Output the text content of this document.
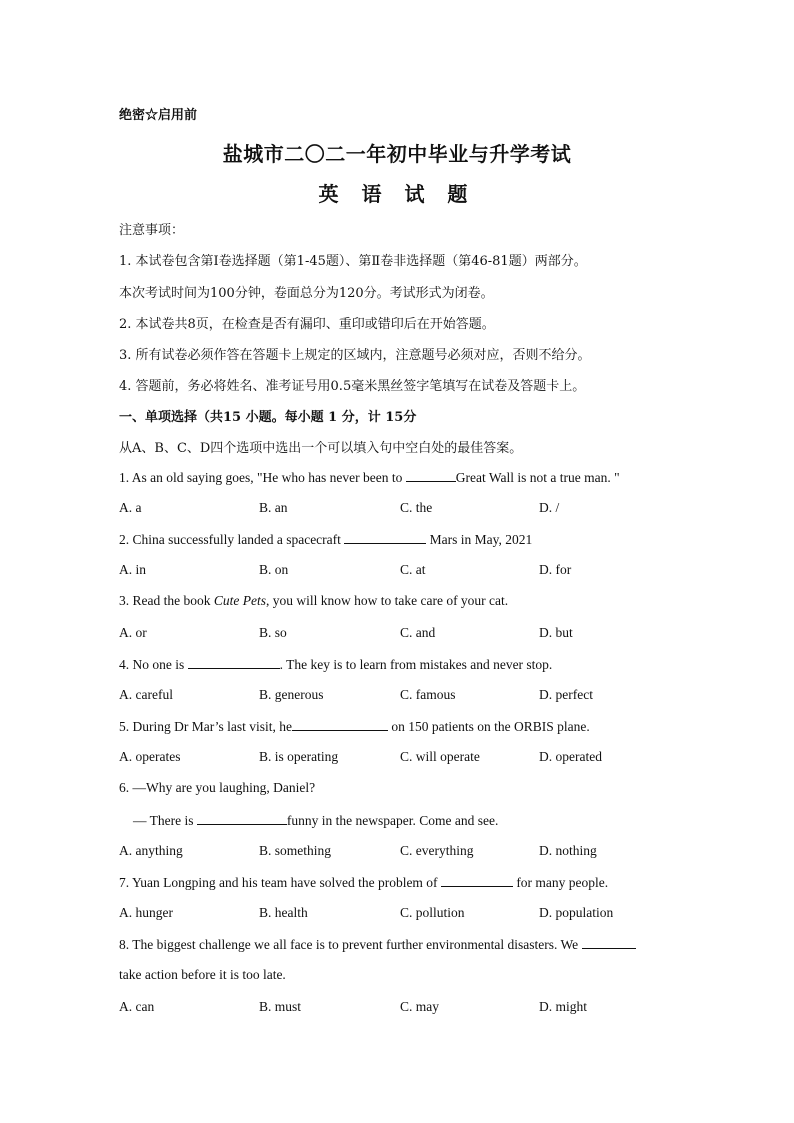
绝密☆启用前
盐城市二〇二一年初中毕业与升学考试
英 语 试 题
注意事项：
1. 本试卷包含第Ⅰ卷选择题（第1-45题）、第Ⅱ卷非选择题（第46-81题）两部分。
本次考试时间为100分钟，卷面总分为120分。考试形式为闭卷。
2. 本试卷共8页，在检查是否有漏印、重印或错印后在开始答题。
3. 所有试卷必须作答在答题卡上规定的区域内，注意题号必须对应，否则不给分。
4. 答题前，务必将姓名、准考证号用0.5毫米黑丝签字笔填写在试卷及答题卡上。
一、单项选择（共15 小题。每小题 1 分，计 15分
从A、B、C、D四个选项中选出一个可以填入句中空白处的最佳答案。
1. As an old saying goes, "He who has never been to	Great Wall is not a true man. "
A. a	B. an	C. the	D. /
2. China successfully landed a spacecraft	Mars in May, 2021
A. in	B. on	C. at	D. for
3. Read the book Cute Pets, you will know how to take care of your cat.
A. or	B. so	C. and	D. but
4. No one is	. The key is to learn from mistakes and never stop.
A. careful	B. generous	C. famous	D. perfect
5. During Dr Mar’s last visit, he	on 150 patients on the ORBIS plane.
A. operates	B. is operating	C. will operate	D. operated
6. —Why are you laughing, Daniel?
— There is	funny in the newspaper. Come and see.
A. anything	B. something	C. everything	D. nothing
7. Yuan Longping and his team have solved the problem of	for many people.
A. hunger	B. health	C. pollution	D. population
8. The biggest challenge we all face is to prevent further environmental disasters. We
take action before it is too late.
A. can	B. must	C. may	D. might
